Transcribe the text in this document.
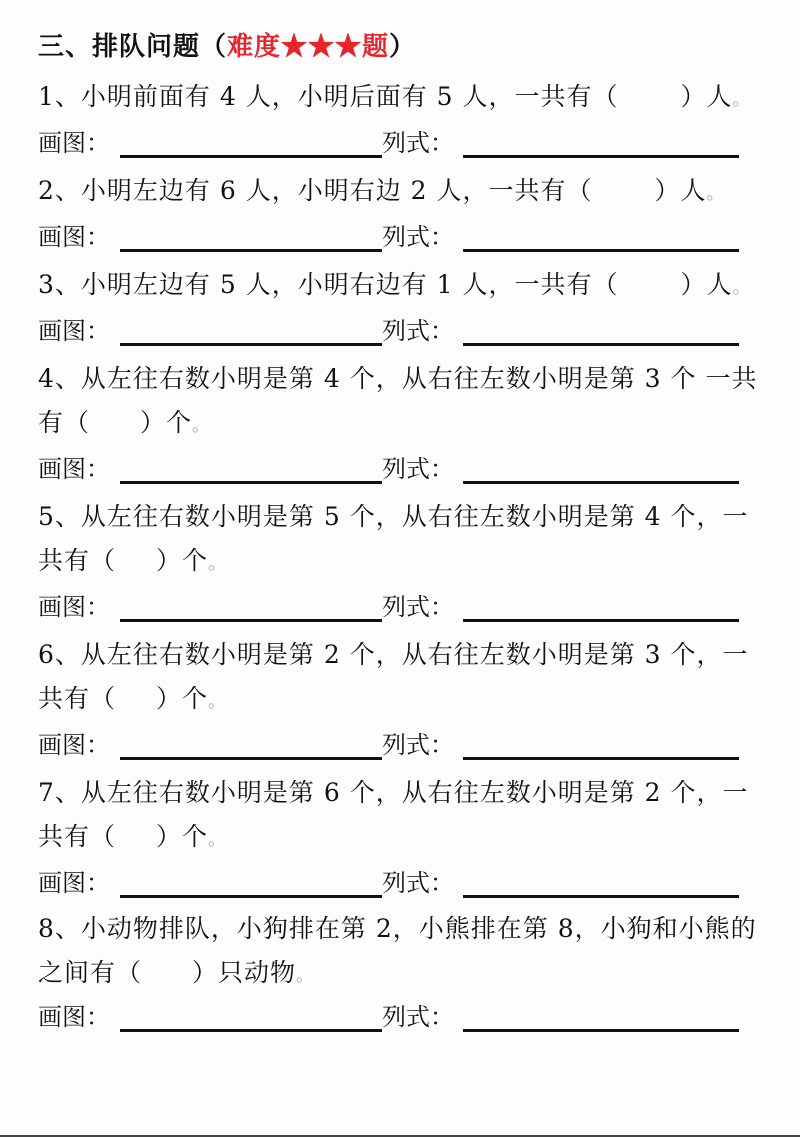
三、排队问题（难度★★★题）
1、小明前面有 4 人，小明后面有 5 人，一共有（ ）人。
画图：	列式：
2、小明左边有 6 人，小明右边 2 人，一共有（ ）人。
画图：	列式：
3、小明左边有 5 人，小明右边有 1 人，一共有（ ）人。
画图：	列式：
4、从左往右数小明是第 4 个，从右往左数小明是第 3 个 一共
有（ ）个。
画图：	列式：
5、从左往右数小明是第 5 个，从右往左数小明是第 4 个，一
共有（ ）个。
画图：	列式：
6、从左往右数小明是第 2 个，从右往左数小明是第 3 个，一
共有（ ）个。
画图：	列式：
7、从左往右数小明是第 6 个，从右往左数小明是第 2 个，一
共有（ ）个。
画图：	列式：
8、小动物排队，小狗排在第 2，小熊排在第 8，小狗和小熊的
之间有（ ）只动物。
画图：	列式：
